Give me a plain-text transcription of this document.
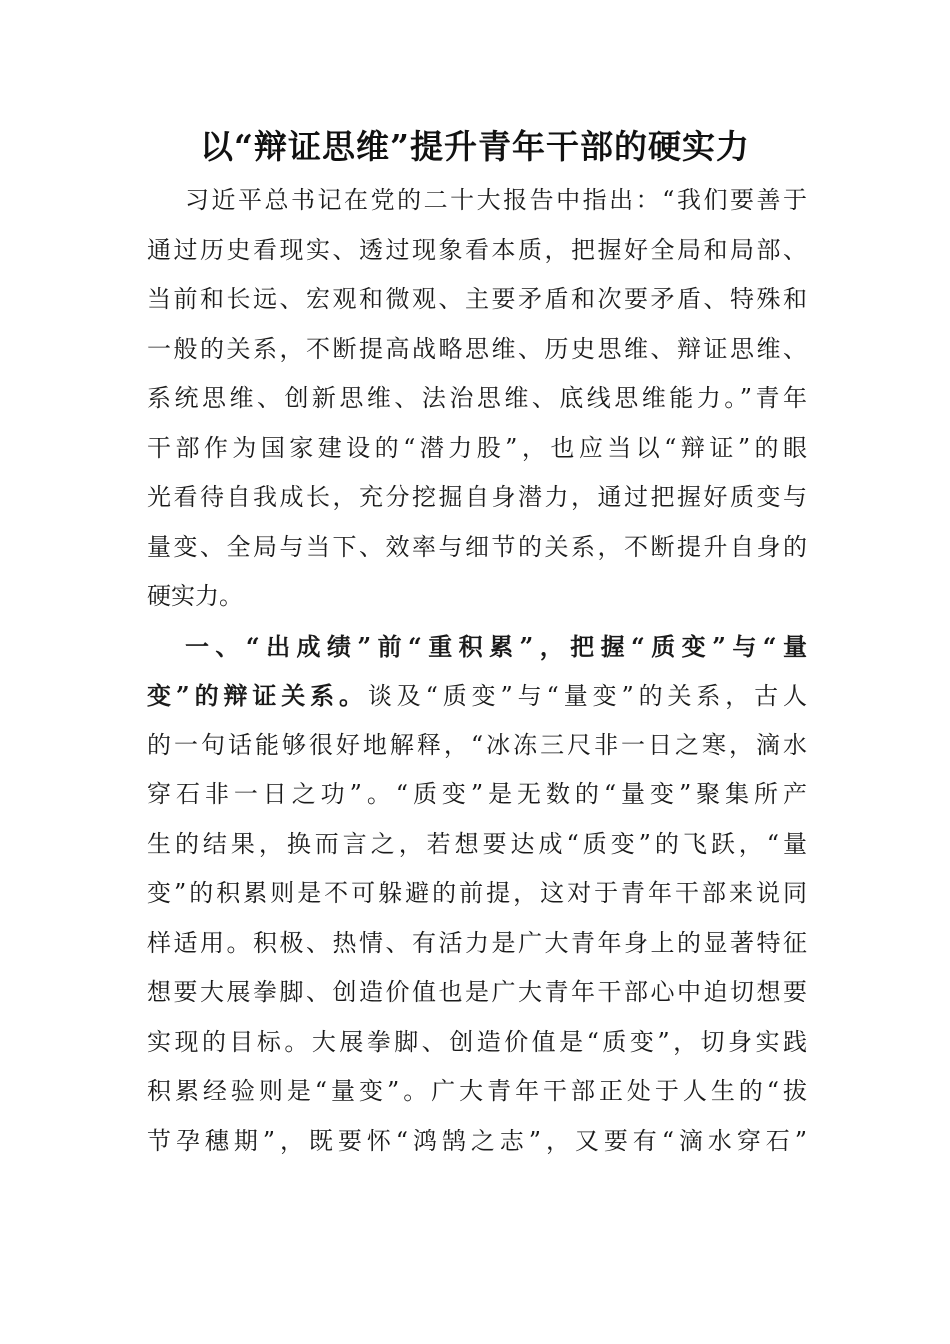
以“辩证思维”提升青年干部的硬实力
习近平总书记在党的二十大报告中指出：“我们要善于
通过历史看现实、透过现象看本质，把握好全局和局部、
当前和长远、宏观和微观、主要矛盾和次要矛盾、特殊和
一般的关系，不断提高战略思维、历史思维、辩证思维、
系统思维、创新思维、法治思维、底线思维能力。”青年
干部作为国家建设的“潜力股”，也应当以“辩证”的眼
光看待自我成长，充分挖掘自身潜力，通过把握好质变与
量变、全局与当下、效率与细节的关系，不断提升自身的
硬实力。
一、“出成绩”前“重积累”，把握“质变”与“量
变”的辩证关系。谈及“质变”与“量变”的关系，古人
的一句话能够很好地解释，“冰冻三尺非一日之寒，滴水
穿石非一日之功”。“质变”是无数的“量变”聚集所产
生的结果，换而言之，若想要达成“质变”的飞跃，“量
变”的积累则是不可躲避的前提，这对于青年干部来说同
样适用。积极、热情、有活力是广大青年身上的显著特征
想要大展拳脚、创造价值也是广大青年干部心中迫切想要
实现的目标。大展拳脚、创造价值是“质变”，切身实践
积累经验则是“量变”。广大青年干部正处于人生的“拔
节孕穗期”，既要怀“鸿鹄之志”，又要有“滴水穿石”
